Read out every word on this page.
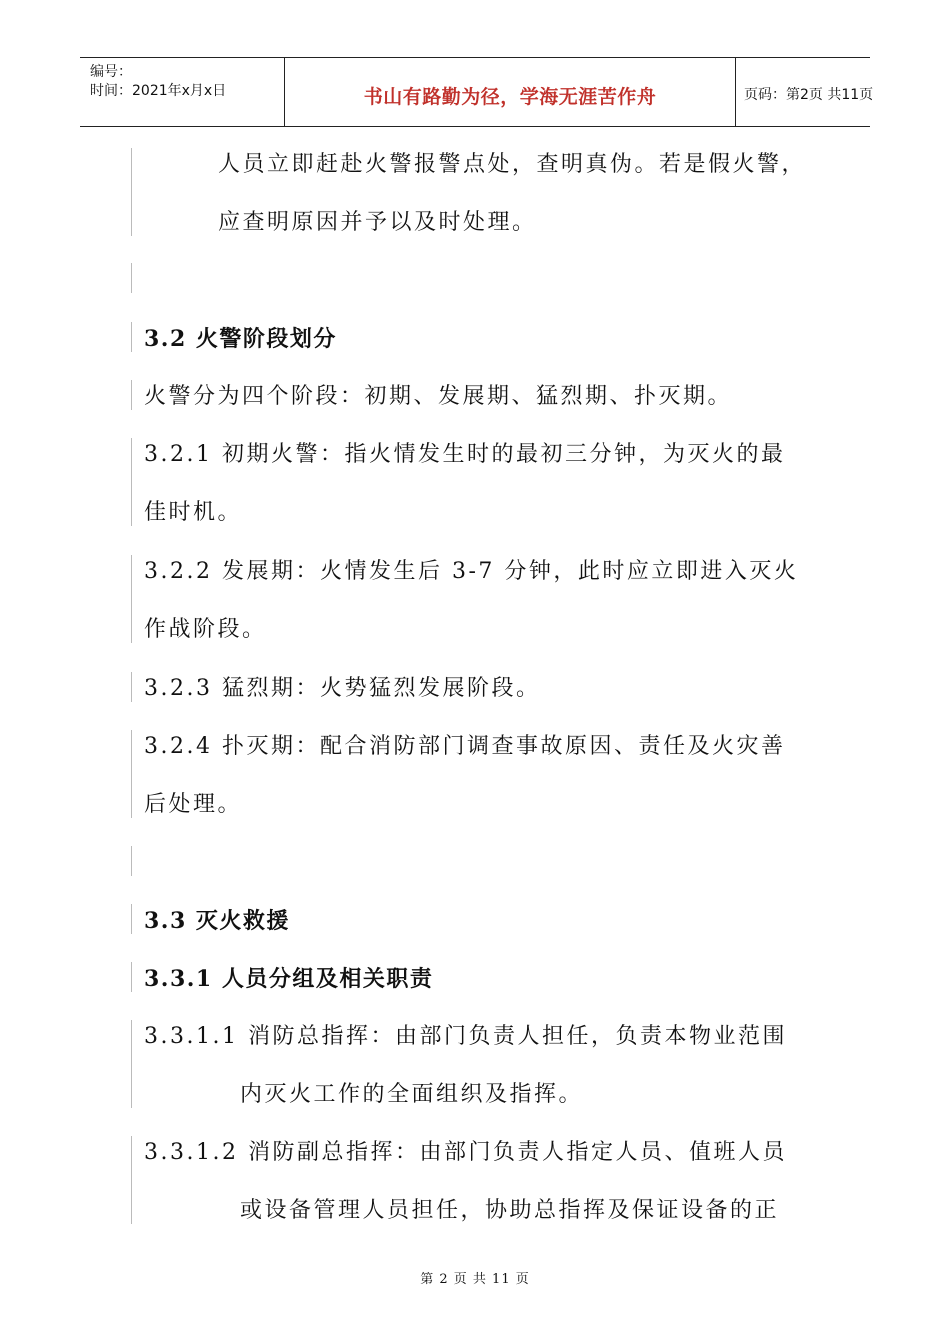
编号：
时间：2021年x月x日	书山有路勤为径，学海无涯苦作舟	页码：第2页 共11页
人员立即赶赴火警报警点处，查明真伪。若是假火警，
应查明原因并予以及时处理。
3.2 火警阶段划分
火警分为四个阶段：初期、发展期、猛烈期、扑灭期。
3.2.1 初期火警：指火情发生时的最初三分钟，为灭火的最
佳时机。
3.2.2 发展期：火情发生后 3-7 分钟，此时应立即进入灭火
作战阶段。
3.2.3 猛烈期：火势猛烈发展阶段。
3.2.4 扑灭期：配合消防部门调查事故原因、责任及火灾善
后处理。
3.3 灭火救援
3.3.1 人员分组及相关职责
3.3.1.1 消防总指挥：由部门负责人担任，负责本物业范围
内灭火工作的全面组织及指挥。
3.3.1.2 消防副总指挥：由部门负责人指定人员、值班人员
或设备管理人员担任，协助总指挥及保证设备的正
第 2 页 共 11 页
